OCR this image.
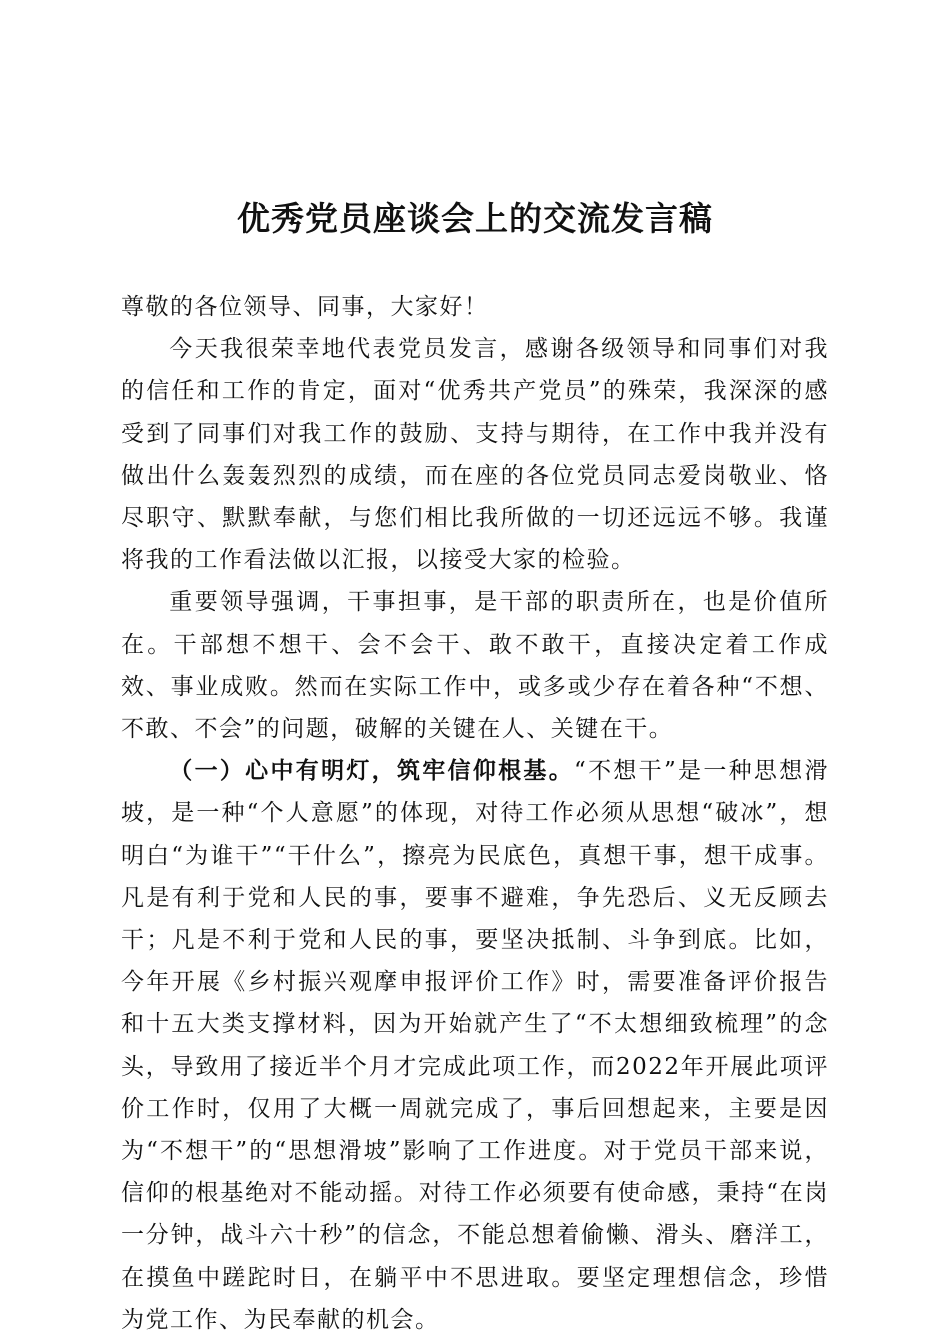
优秀党员座谈会上的交流发言稿

尊敬的各位领导、同事，大家好！

今天我很荣幸地代表党员发言，感谢各级领导和同事们对我的信任和工作的肯定，面对“优秀共产党员”的殊荣，我深深的感受到了同事们对我工作的鼓励、支持与期待，在工作中我并没有做出什么轰轰烈烈的成绩，而在座的各位党员同志爱岗敬业、恪尽职守、默默奉献，与您们相比我所做的一切还远远不够。我谨将我的工作看法做以汇报，以接受大家的检验。

重要领导强调，干事担事，是干部的职责所在，也是价值所在。干部想不想干、会不会干、敢不敢干，直接决定着工作成效、事业成败。然而在实际工作中，或多或少存在着各种“不想、不敢、不会”的问题，破解的关键在人、关键在干。

（一）心中有明灯，筑牢信仰根基。“不想干”是一种思想滑坡，是一种“个人意愿”的体现，对待工作必须从思想“破冰”，想明白“为谁干”“干什么”，擦亮为民底色，真想干事，想干成事。凡是有利于党和人民的事，要事不避难，争先恐后、义无反顾去干；凡是不利于党和人民的事，要坚决抵制、斗争到底。比如，今年开展《乡村振兴观摩申报评价工作》时，需要准备评价报告和十五大类支撑材料，因为开始就产生了“不太想细致梳理”的念头，导致用了接近半个月才完成此项工作，而2022年开展此项评价工作时，仅用了大概一周就完成了，事后回想起来，主要是因为“不想干”的“思想滑坡”影响了工作进度。对于党员干部来说，信仰的根基绝对不能动摇。对待工作必须要有使命感，秉持“在岗一分钟，战斗六十秒”的信念，不能总想着偷懒、滑头、磨洋工，在摸鱼中蹉跎时日，在躺平中不思进取。要坚定理想信念，珍惜为党工作、为民奉献的机会。
